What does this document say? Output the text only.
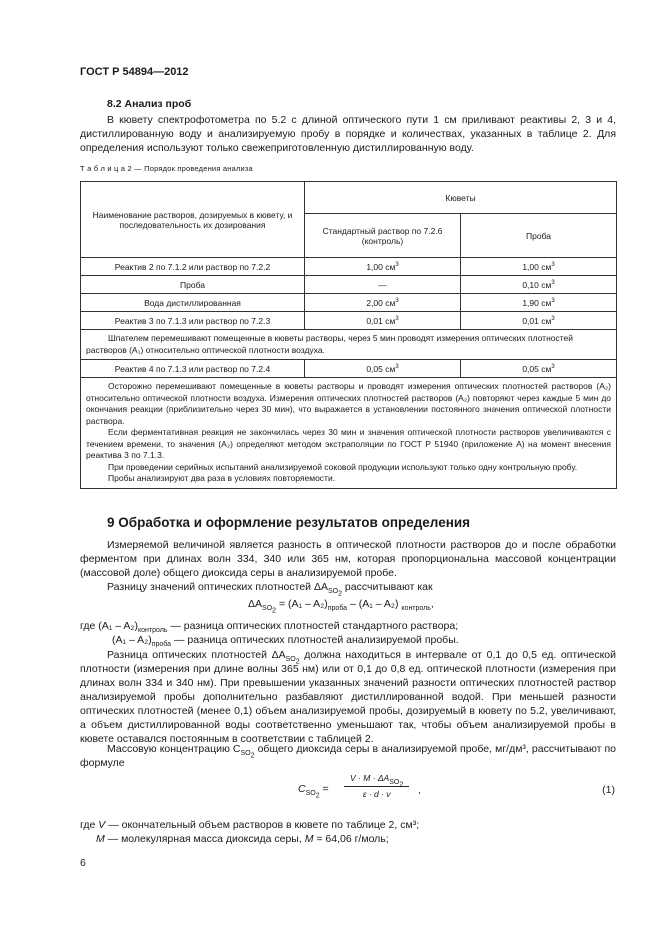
ГОСТ Р 54894—2012
8.2 Анализ проб
В кювету спектрофотометра по 5.2 с длиной оптического пути 1 см приливают реактивы 2, 3 и 4, дистиллированную воду и анализируемую пробу в порядке и количествах, указанных в таблице 2. Для определения используют только свежеприготовленную дистиллированную воду.
Т а б л и ц а 2 — Порядок проведения анализа
Наименование растворов, дозируемых в кювету, и последовательность их дозирования	Кюветы	
	Стандартный раствор по 7.2.6 (контроль)	Проба
Реактив 2 по 7.1.2 или раствор по 7.2.2	1,00 $см^3$	1,00 $см^3$
Проба	—	0,10 $см^3$
Вода дистиллированная	2,00 $см^3$	1,90 $см^3$
Реактив 3 по 7.1.3 или раствор по 7.2.3	0,01 $см^3$	0,01 $см^3$

Шпателем перемешивают помещенные в кюветы растворы, через 5 мин проводят измерения оптических плотностей растворов (A₁) относительно оптической плотности воздуха.		

Реактив 4 по 7.1.3 или раствор по 7.2.4	0,05 $см^3$	0,05 $см^3$

Осторожно перемешивают помещенные в кюветы растворы и проводят измерения оптических плотностей растворов (A₂) относительно оптической плотности воздуха. Измерения оптических плотностей растворов (A₂) повторяют через каждые 5 мин до окончания реакции (приблизительно через 30 мин), что выражается в установлении постоянного значения оптической плотности раствора.

Если ферментативная реакция не закончилась через 30 мин и значения оптической плотности растворов увеличиваются с течением времени, то значения (A₂) определяют методом экстраполяции по ГОСТ Р 51940 (приложение А) на момент внесения реактива 3 по 7.1.3.

При проведении серийных испытаний анализируемой соковой продукции используют только одну контрольную пробу.

Пробы анализируют два раза в условиях повторяемости.		

9 Обработка и оформление результатов определения
Измеряемой величиной является разность в оптической плотности растворов до и после обработки ферментом при длинах волн 334, 340 или 365 нм, которая пропорциональна массовой концентрации (массовой доле) общего диоксида серы в анализируемой пробе.
Разницу значений оптических плотностей $\Delta A_{SO_2}$ рассчитывают как
$\Delta A_{SO_2} = (A_1 - A_2)_{проба} - (A_1 - A_2)$ $_{контроль}$,
где $(A_1 - A_2)_{контроль}$ — разница оптических плотностей стандартного раствора;
$(A_1 - A_2)_{проба}$ — разница оптических плотностей анализируемой пробы.
Разница оптических плотностей $\Delta A_{SO_2}$ должна находиться в интервале от 0,1 до 0,5 ед. оптической плотности (измерения при длине волны 365 нм) или от 0,1 до 0,8 ед. оптической плотности (измерения при длинах волн 334 и 340 нм). При превышении указанных значений разности оптических плотностей раствор анализируемой пробы дополнительно разбавляют дистиллированной водой. При меньшей разности оптических плотностей (менее 0,1) объем анализируемой пробы, дозируемый в кювету по 5.2, увеличивают, а объем дистиллированной воды соответственно уменьшают так, чтобы объем анализируемой пробы в кювете оставался постоянным в соответствии с таблицей 2.
Массовую концентрацию $C_{SO_2}$ общего диоксида серы в анализируемой пробе, мг/дм³, рассчитывают по формуле
$C_{SO_2}$ =
$V \cdot M \cdot \Delta A_{SO_2}$
ε · d · v	,	(1)
где V — окончательный объем растворов в кювете по таблице 2, см³;
M — молекулярная масса диоксида серы, M = 64,06 г/моль;
6
